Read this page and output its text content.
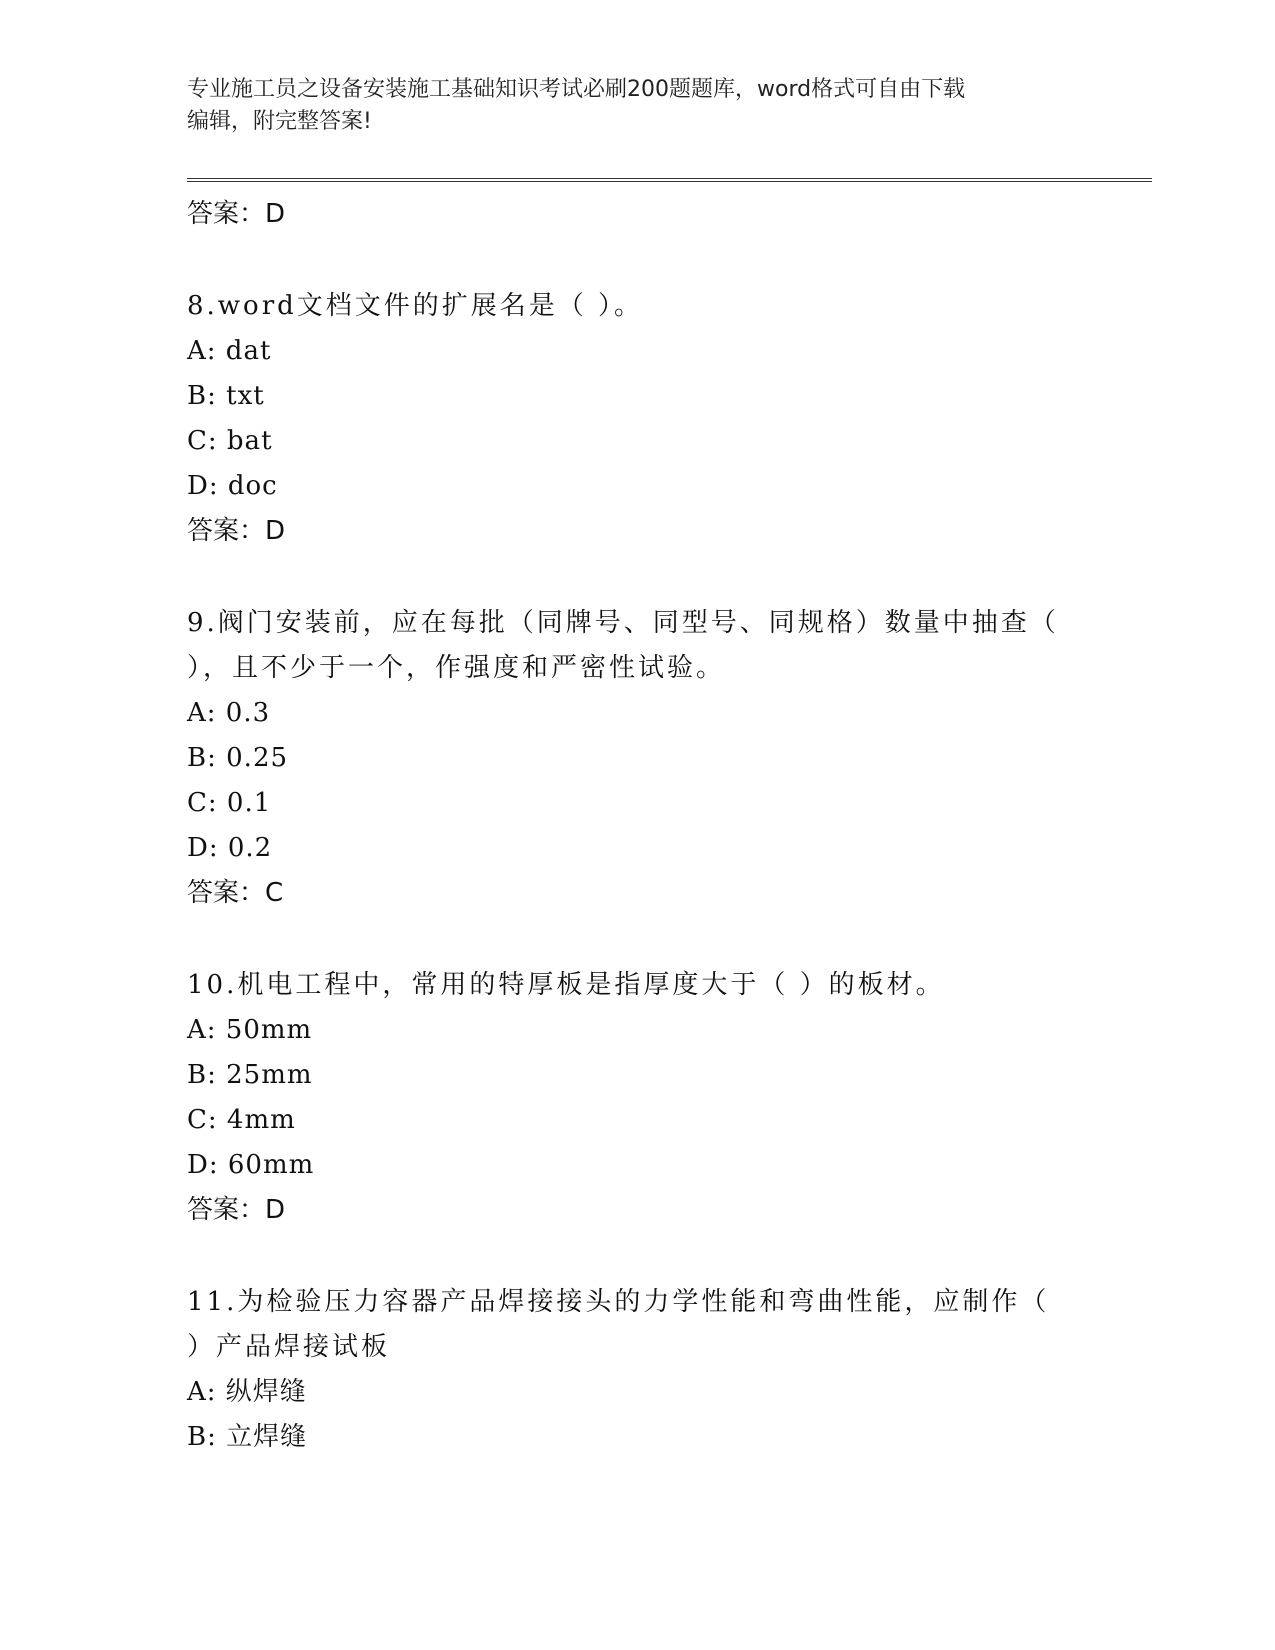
专业施工员之设备安装施工基础知识考试必刷200题题库，word格式可自由下载
编辑，附完整答案!
答案：D
8.word文档文件的扩展名是（ ）。
A: dat
B: txt
C: bat
D: doc
答案：D
9.阀门安装前，应在每批（同牌号、同型号、同规格）数量中抽查（
），且不少于一个，作强度和严密性试验。
A: 0.3
B: 0.25
C: 0.1
D: 0.2
答案：C
10.机电工程中，常用的特厚板是指厚度大于（ ）的板材。
A: 50mm
B: 25mm
C: 4mm
D: 60mm
答案：D
11.为检验压力容器产品焊接接头的力学性能和弯曲性能，应制作（
）产品焊接试板
A: 纵焊缝
B: 立焊缝
